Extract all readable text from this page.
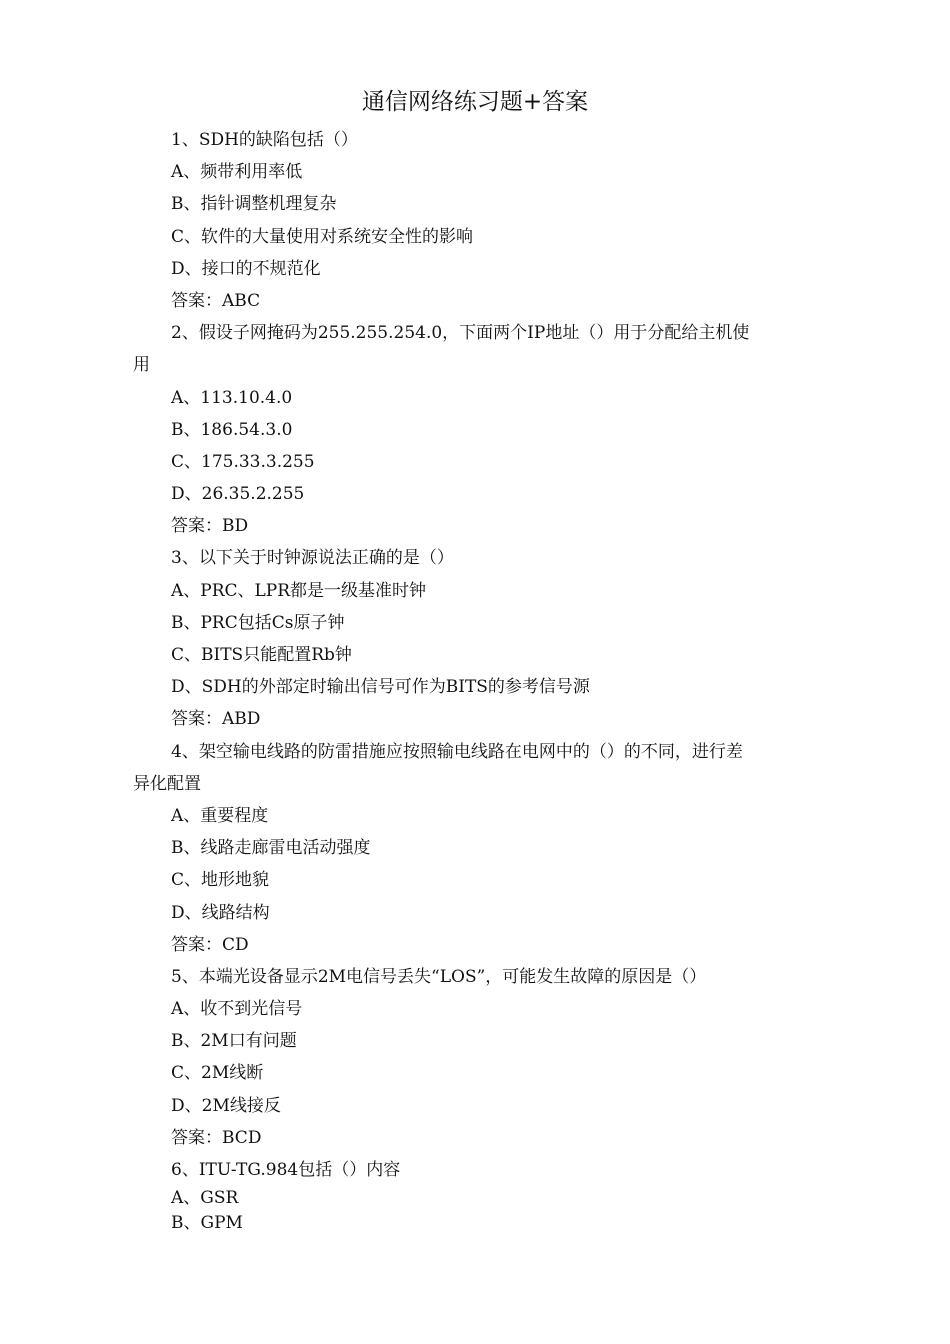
通信网络练习题+答案
1、SDH的缺陷包括（）
A、频带利用率低
B、指针调整机理复杂
C、软件的大量使用对系统安全性的影响
D、接口的不规范化
答案：ABC
2、假设子网掩码为255.255.254.0，下面两个IP地址（）用于分配给主机使
用
A、113.10.4.0
B、186.54.3.0
C、175.33.3.255
D、26.35.2.255
答案：BD
3、以下关于时钟源说法正确的是（）
A、PRC、LPR都是一级基准时钟
B、PRC包括Cs原子钟
C、BITS只能配置Rb钟
D、SDH的外部定时输出信号可作为BITS的参考信号源
答案：ABD
4、架空输电线路的防雷措施应按照输电线路在电网中的（）的不同，进行差
异化配置
A、重要程度
B、线路走廊雷电活动强度
C、地形地貌
D、线路结构
答案：CD
5、本端光设备显示2M电信号丢失“LOS”，可能发生故障的原因是（）
A、收不到光信号
B、2M口有问题
C、2M线断
D、2M线接反
答案：BCD
6、ITU-TG.984包括（）内容
A、GSR
B、GPM
